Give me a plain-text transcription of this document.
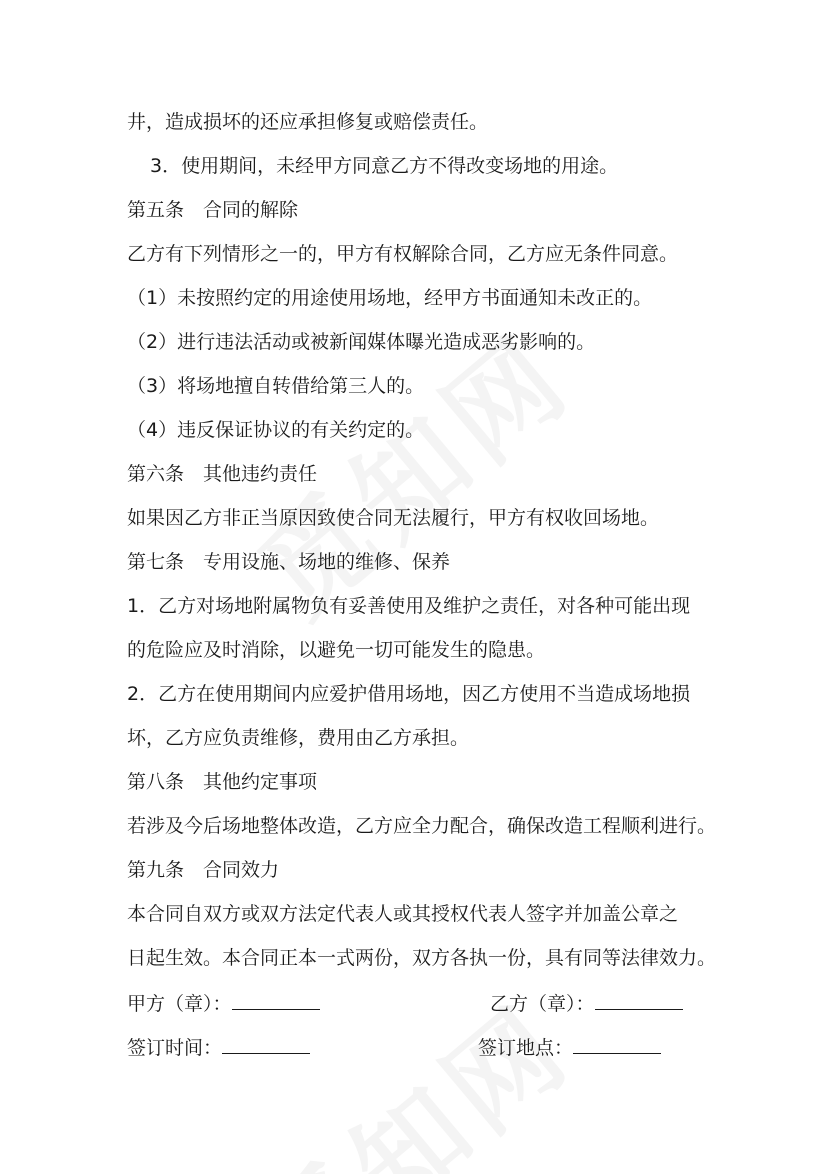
井，造成损坏的还应承担修复或赔偿责任。
3．使用期间，未经甲方同意乙方不得改变场地的用途。
第五条　合同的解除
乙方有下列情形之一的，甲方有权解除合同，乙方应无条件同意。
（1）未按照约定的用途使用场地，经甲方书面通知未改正的。
（2）进行违法活动或被新闻媒体曝光造成恶劣影响的。
（3）将场地擅自转借给第三人的。
（4）违反保证协议的有关约定的。
第六条　其他违约责任
如果因乙方非正当原因致使合同无法履行，甲方有权收回场地。
第七条　专用设施、场地的维修、保养
1．乙方对场地附属物负有妥善使用及维护之责任，对各种可能出现
的危险应及时消除，以避免一切可能发生的隐患。
2．乙方在使用期间内应爱护借用场地，因乙方使用不当造成场地损
坏，乙方应负责维修，费用由乙方承担。
第八条　其他约定事项
若涉及今后场地整体改造，乙方应全力配合，确保改造工程顺利进行。
第九条　合同效力
本合同自双方或双方法定代表人或其授权代表人签字并加盖公章之
日起生效。本合同正本一式两份，双方各执一份，具有同等法律效力。
甲方（章）：	乙方（章）：
签订时间：	签订地点：
